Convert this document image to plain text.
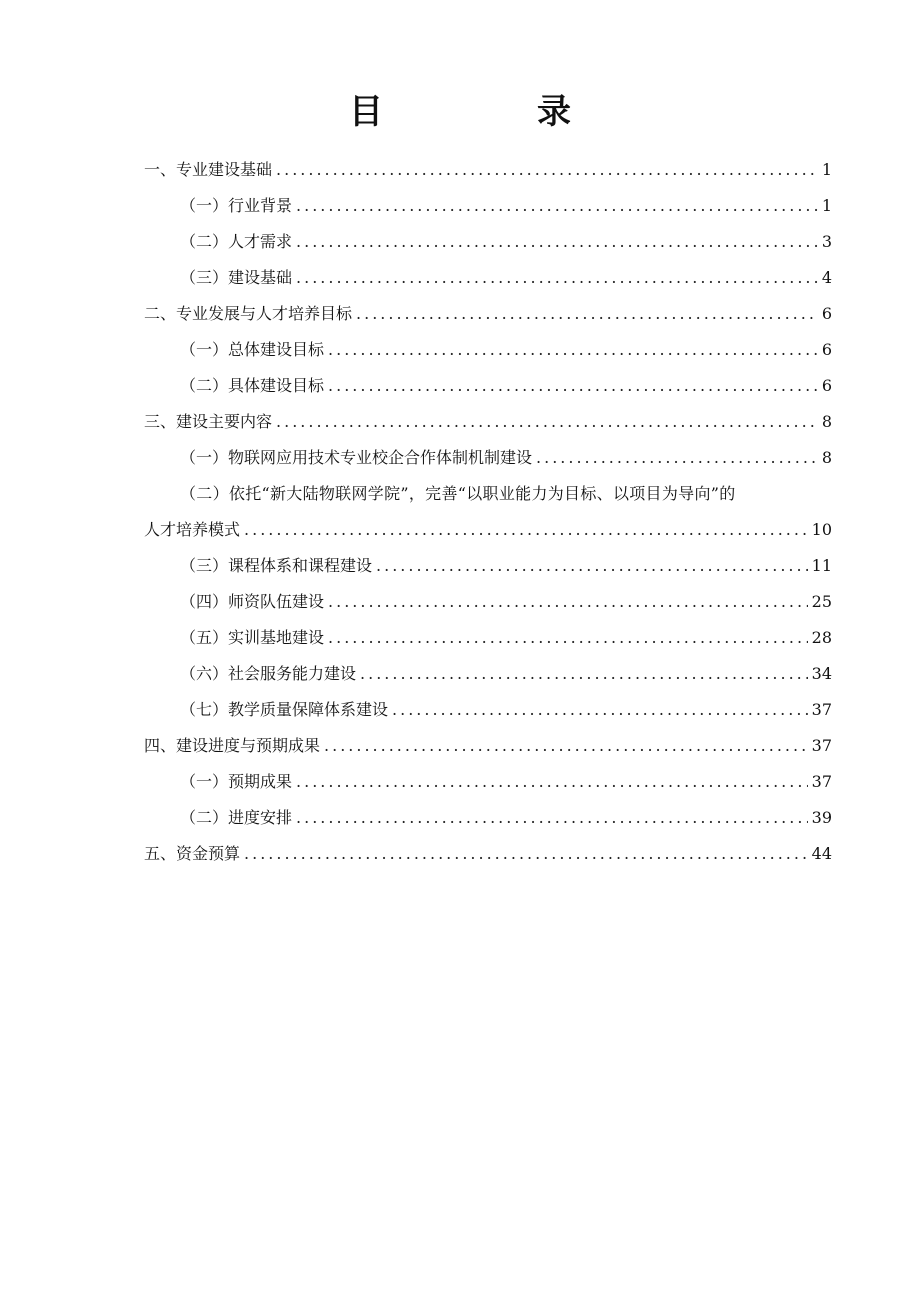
目　录
一、专业建设基础 .....	1
（一）行业背景 .....	1
（二）人才需求 .....	3
（三）建设基础 .....	4
二、专业发展与人才培养目标 .....	6
（一）总体建设目标 .....	6
（二）具体建设目标 .....	6
三、建设主要内容 .....	8
（一）物联网应用技术专业校企合作体制机制建设 .....	8
（二）依托“新大陆物联网学院”，完善“以职业能力为目标、以项目为导向”的
人才培养模式 .....	10
（三）课程体系和课程建设 .....	11
（四）师资队伍建设 .....	25
（五）实训基地建设 .....	28
（六）社会服务能力建设 .....	34
（七）教学质量保障体系建设 .....	37
四、建设进度与预期成果 .....	37
（一）预期成果 .....	37
（二）进度安排 .....	39
五、资金预算 .....	44
